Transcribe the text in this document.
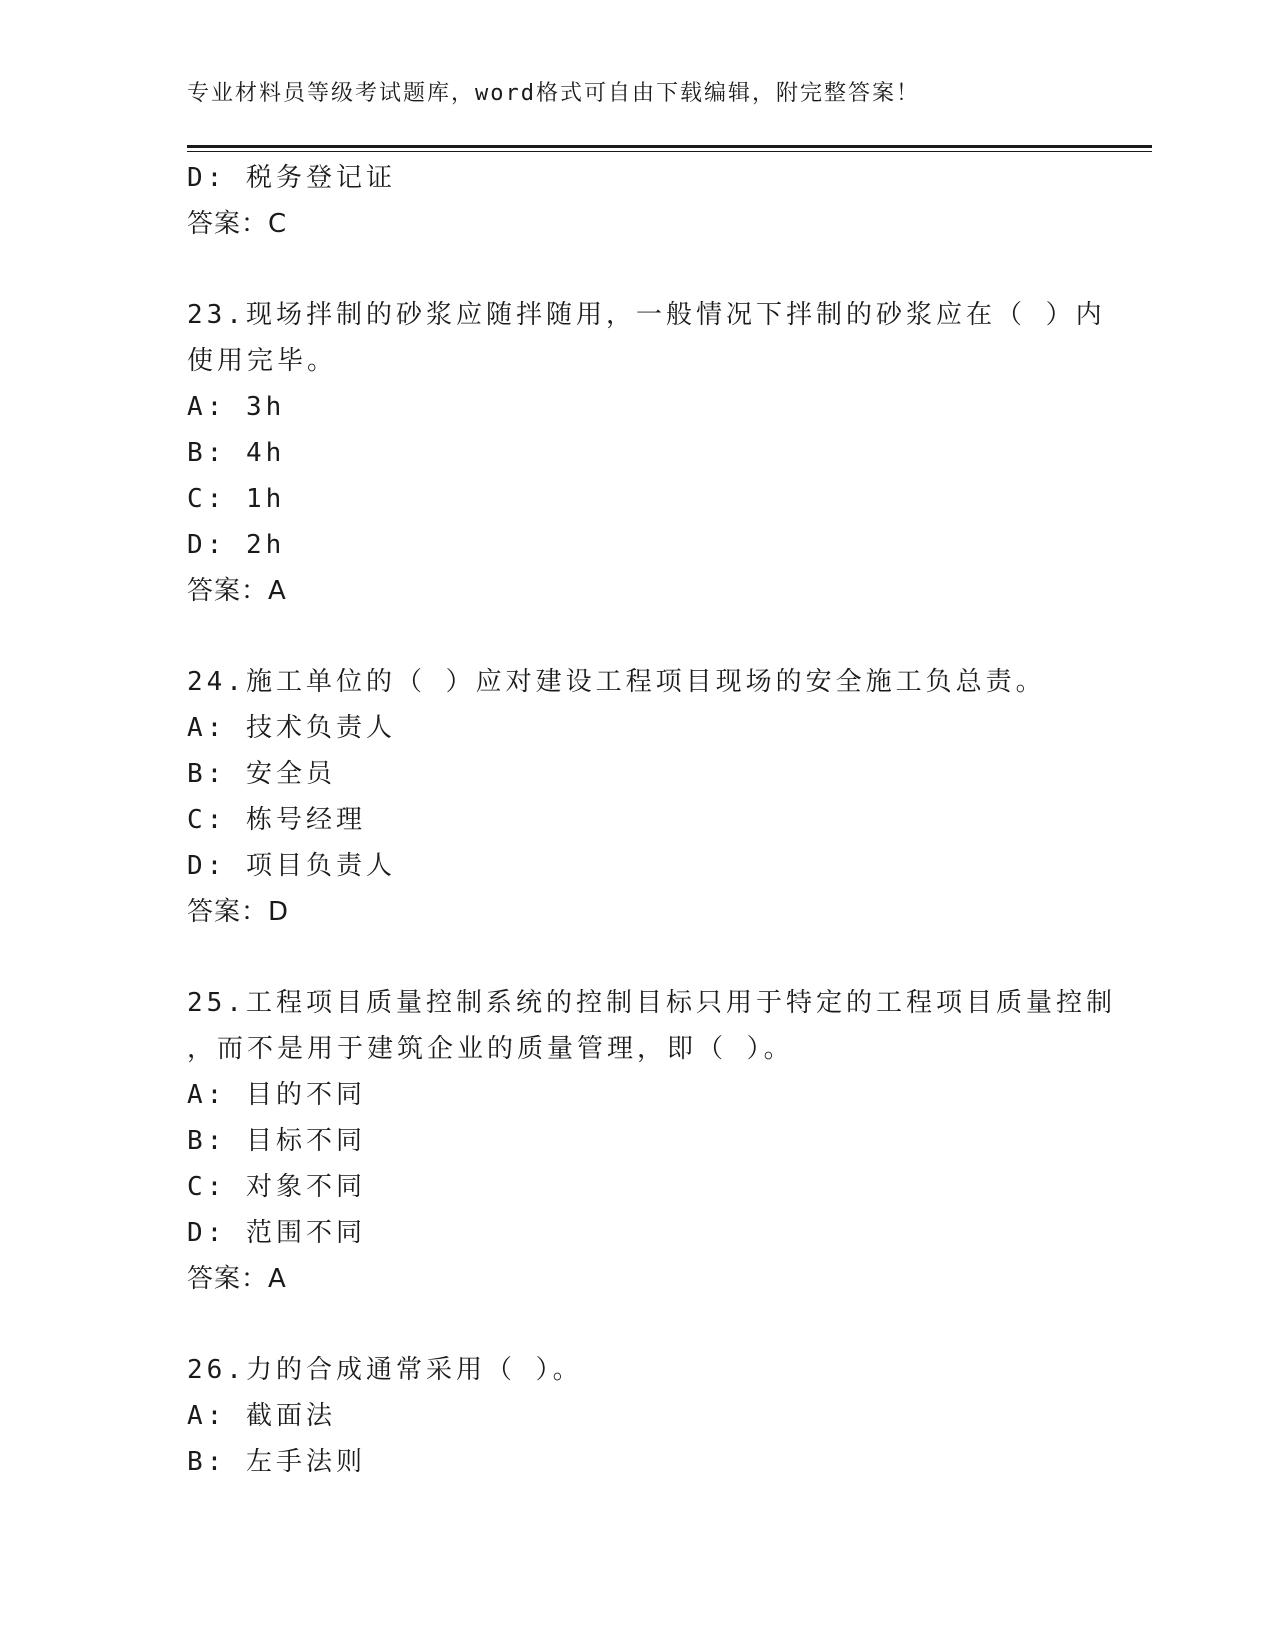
专业材料员等级考试题库，word格式可自由下载编辑，附完整答案！
D: 税务登记证
答案：C
23.现场拌制的砂浆应随拌随用，一般情况下拌制的砂浆应在（ ）内
使用完毕。
A: 3h
B: 4h
C: 1h
D: 2h
答案：A
24.施工单位的（ ）应对建设工程项目现场的安全施工负总责。
A: 技术负责人
B: 安全员
C: 栋号经理
D: 项目负责人
答案：D
25.工程项目质量控制系统的控制目标只用于特定的工程项目质量控制
，而不是用于建筑企业的质量管理，即（ ）。
A: 目的不同
B: 目标不同
C: 对象不同
D: 范围不同
答案：A
26.力的合成通常采用（ ）。
A: 截面法
B: 左手法则
